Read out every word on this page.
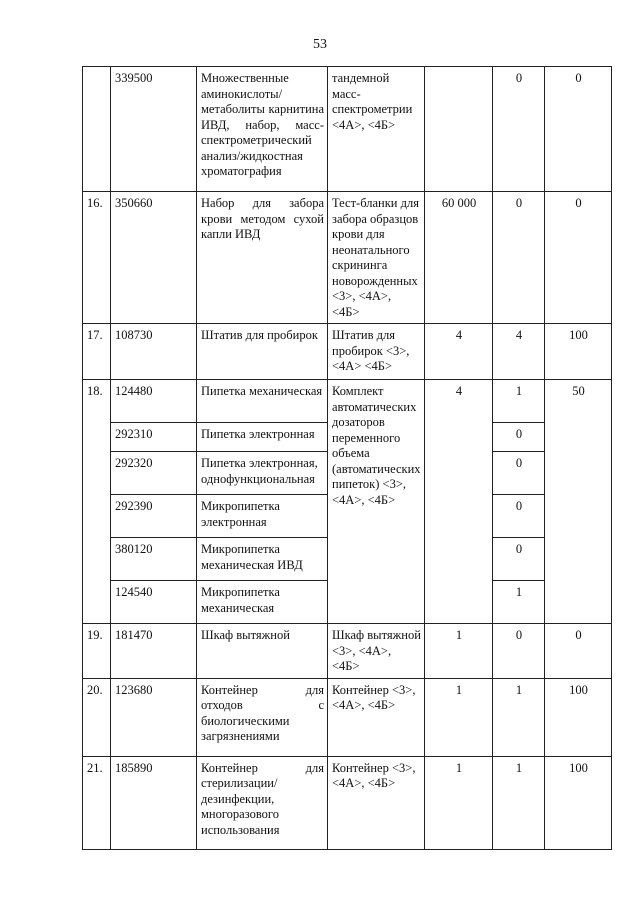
53
	339500	Множественные аминокислоты/метаболиты карнитина ИВД, набор, масс-спектрометрический анализ/жидкостная хроматография	тандемной масс-спектрометрии <4А>, <4Б>		0	0
16.	350660	Набор для забора крови методом сухой капли ИВД	Тест-бланки для забора образцов крови для неонатального скрининга новорожденных <3>, <4А>, <4Б>	60 000	0	0
17.	108730	Штатив для пробирок	Штатив для пробирок <3>, <4А> <4Б>	4	4	100
18.	124480	Пипетка механическая	Комплект автоматических дозаторов переменного объема (автоматических пипеток) <3>, <4А>, <4Б>	4	1	50
	292310	Пипетка электронная			0	
	292320	Пипетка электронная, однофункциональная			0	
	292390	Микропипетка электронная			0	
	380120	Микропипетка механическая ИВД			0	
	124540	Микропипетка механическая			1	
19.	181470	Шкаф вытяжной	Шкаф вытяжной <3>, <4А>, <4Б>	1	0	0
20.	123680	Контейнер для отходов с биологическими загрязнениями	Контейнер <3>, <4А>, <4Б>	1	1	100
21.	185890	Контейнер для стерилизации/дезинфекции, многоразового использования	Контейнер <3>, <4А>, <4Б>	1	1	100
